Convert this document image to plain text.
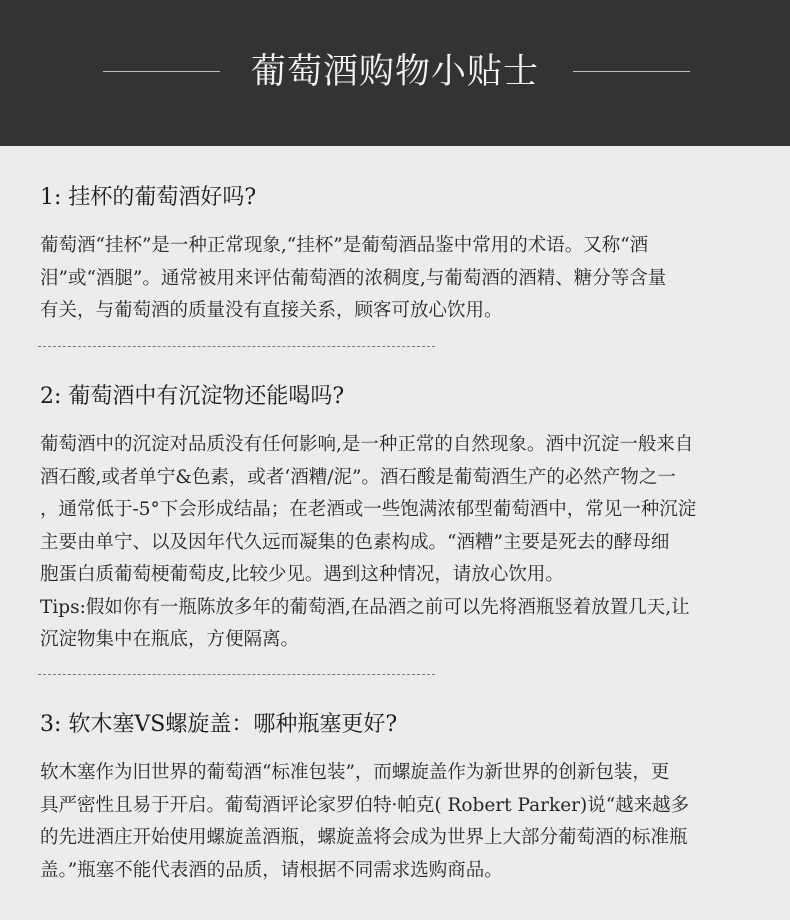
葡萄酒购物小贴士

1: 挂杯的葡萄酒好吗?

葡萄酒“挂杯”是一种正常现象,“挂杯”是葡萄酒品鉴中常用的术语。又称“酒
泪”或“酒腿”。通常被用来评估葡萄酒的浓稠度,与葡萄酒的酒精、糖分等含量
有关，与葡萄酒的质量没有直接关系，顾客可放心饮用。

2: 葡萄酒中有沉淀物还能喝吗?

葡萄酒中的沉淀对品质没有任何影响,是一种正常的自然现象。酒中沉淀一般来自
酒石酸,或者单宁&色素，或者‘酒糟/泥”。酒石酸是葡萄酒生产的必然产物之一
，通常低于-5°下会形成结晶；在老酒或一些饱满浓郁型葡萄酒中，常见一种沉淀
主要由单宁、以及因年代久远而凝集的色素构成。“酒糟”主要是死去的酵母细
胞蛋白质葡萄梗葡萄皮,比较少见。遇到这种情况，请放心饮用。
Tips:假如你有一瓶陈放多年的葡萄酒,在品酒之前可以先将酒瓶竖着放置几天,让
沉淀物集中在瓶底，方便隔离。

3: 软木塞VS螺旋盖：哪种瓶塞更好?

软木塞作为旧世界的葡萄酒“标准包装”，而螺旋盖作为新世界的创新包装，更
具严密性且易于开启。葡萄酒评论家罗伯特·帕克( Robert Parker)说“越来越多
的先进酒庄开始使用螺旋盖酒瓶，螺旋盖将会成为世界上大部分葡萄酒的标准瓶
盖。”瓶塞不能代表酒的品质，请根据不同需求选购商品。
